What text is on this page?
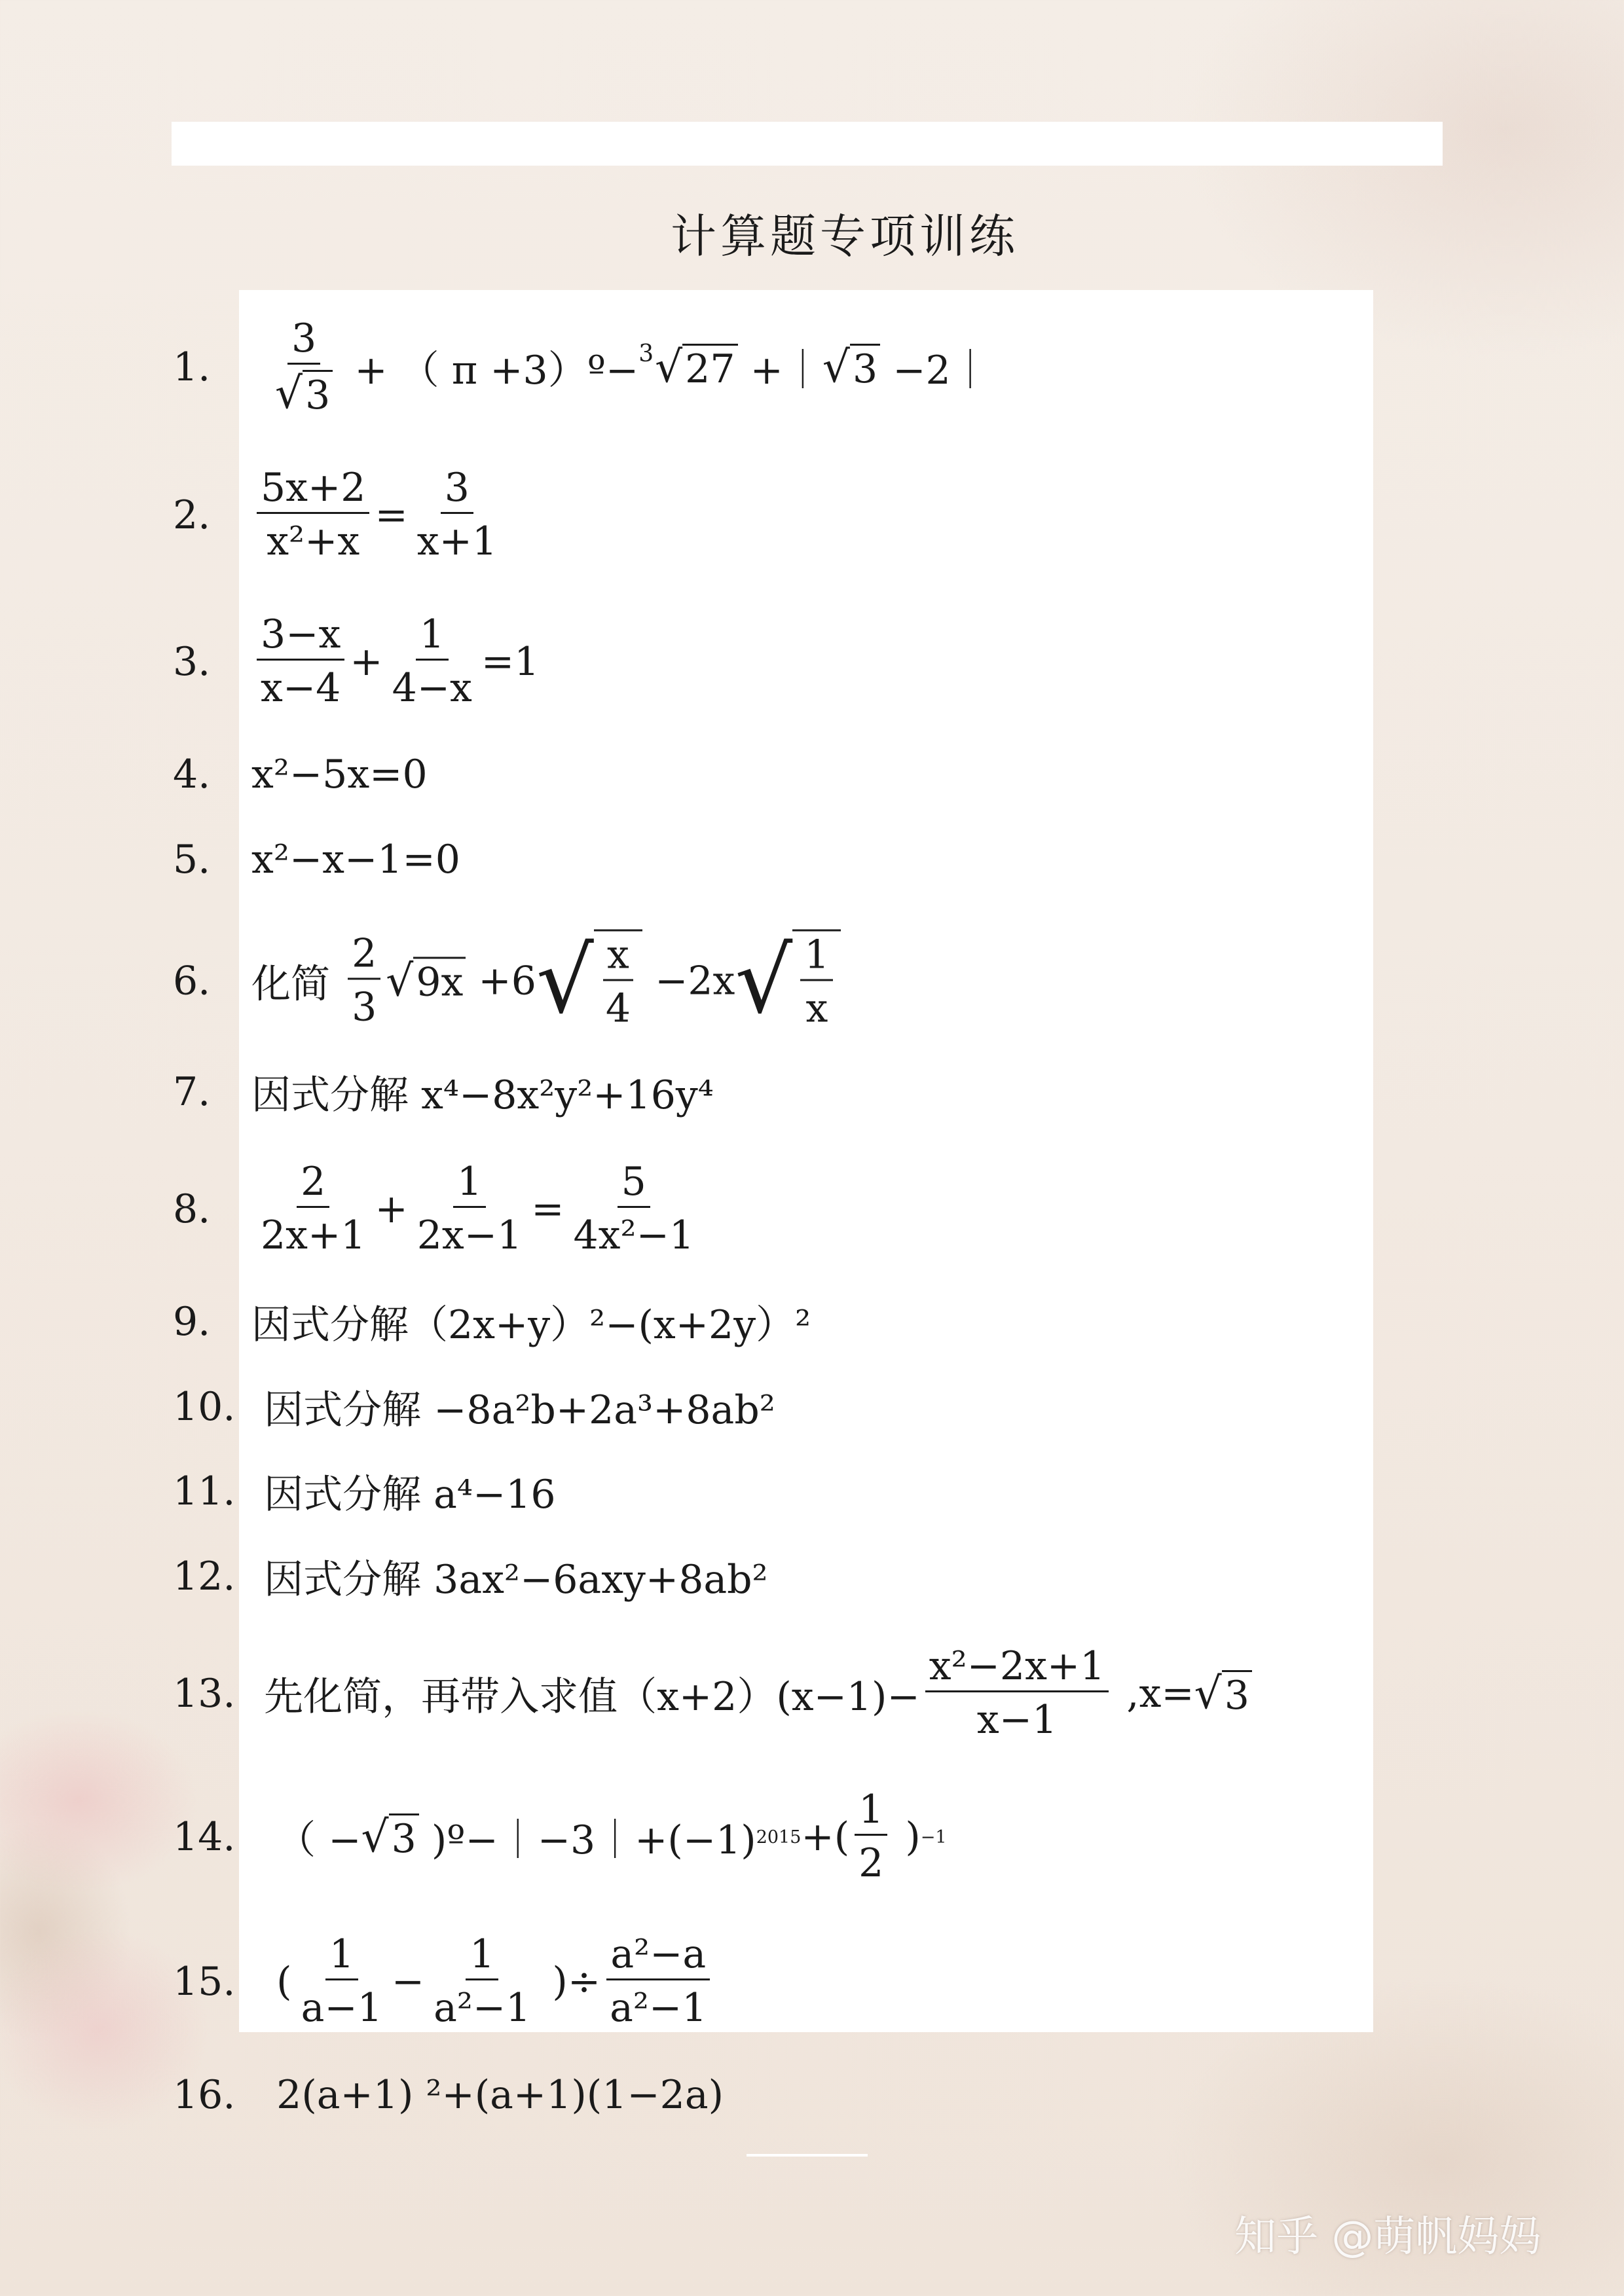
计算题专项训练
1.	$\frac{3}{√ 3}$ + （ π +3）º− 3 √ 27 +｜ √ 3 −2｜
2.	$\frac{5x+2}{\text{x²+x}} = \frac{3}{x+1}$
3.	$\frac{3-x}{x-4} + \frac{1}{4-x} =1$
4.	x²−5x=0
5.	x²−x−1=0
6.	化简 $\frac{2}{3}$ √ 9x +6 √ $\frac{x}{4} -2x$ √ $\frac{1}{x}$
7.	因式分解 x⁴−8x²y²+16y⁴
8.	$\frac{2}{2x+1} + \frac{1}{2x-1} = \frac{5}{\text{4x²−1}}$
9.	因式分解（2x+y）²−(x+2y）²
10. 因式分解 −8a²b+2a³+8ab²
11. 因式分解 a⁴−16
12. 因式分解 3ax²−6axy+8ab²
13. 先化简，再带入求值$(x+2)(x-1)- \frac{\text{x²−2x+1}}{x-1} ,x=$ √ 3
14. （ − √ 3 )º−｜−3｜+(−1) 2015 +( $\frac{1}{2}$ ) −1
15. ( $\frac{1}{a-1} - \frac{1}{\text{a²−1}}$ )÷ $\frac{\text{a²−a}}{\text{a²−1}}$
16. 2(a+1) ²+(a+1)(1−2a)
知乎 @萌帆妈妈
